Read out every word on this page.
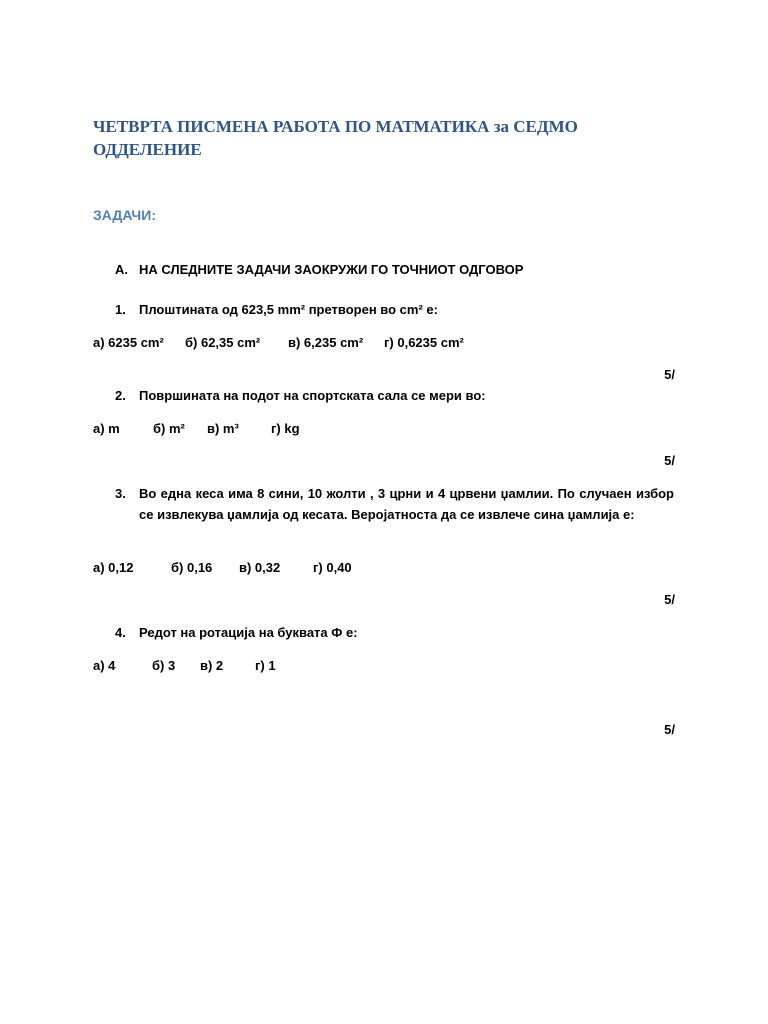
ЧЕТВРТА ПИСМЕНА РАБОТА ПО МАТМАТИКА за СЕДМО
ОДДЕЛЕНИЕ
ЗАДАЧИ:

А. НА СЛЕДНИТЕ ЗАДАЧИ ЗАОКРУЖИ ГО ТОЧНИОТ ОДГОВОР

1. Плоштината од 623,5 mm² претворен во cm² е:

а) 6235 cm² б) 62,35 cm² в) 6,235 cm² г) 0,6235 cm²

5/

2. Површината на подот на спортската сала се мери во:

а) m	б) m² в) m³ г) kg

5/
3.	Во една кеса има 8 сини, 10 жолти , 3 црни и 4 црвени џамлии. По случаен избор се извлекува џамлија од кесата. Веројатноста да се извлече сина џамлија е:

а) 0,12	б) 0,16 в) 0,32	г) 0,40

5/

4. Редот на ротација на буквата Ф е:

а) 4	б) 3 в) 2 г) 1

5/
